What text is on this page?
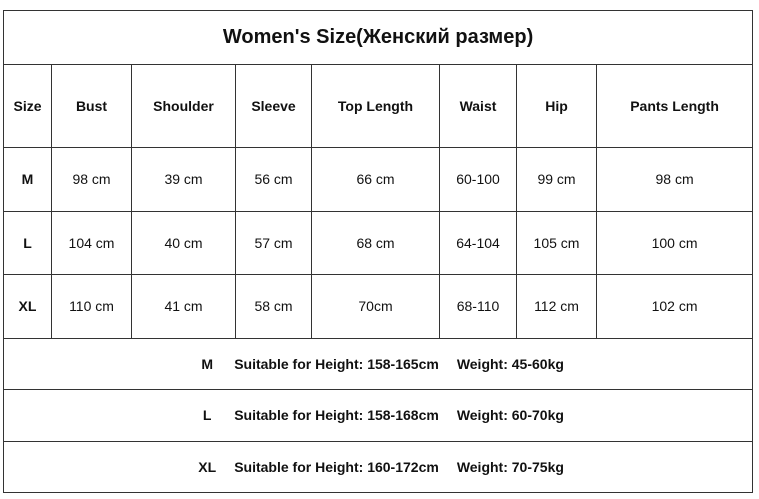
Women's Size(Женский размер)							
Size	Bust	Shoulder	Sleeve	Top Length	Waist	Hip	Pants Length
M	98 cm	39 cm	56 cm	66 cm	60-100	99 cm	98 cm
L	104 cm	40 cm	57 cm	68 cm	64-104	105 cm	100 cm
XL	110 cm	41 cm	58 cm	70cm	68-110	112 cm	102 cm
M Suitable for Height: 158-165cm Weight: 45-60kg							
L Suitable for Height: 158-168cm Weight: 60-70kg							
XL Suitable for Height: 160-172cm Weight: 70-75kg							
